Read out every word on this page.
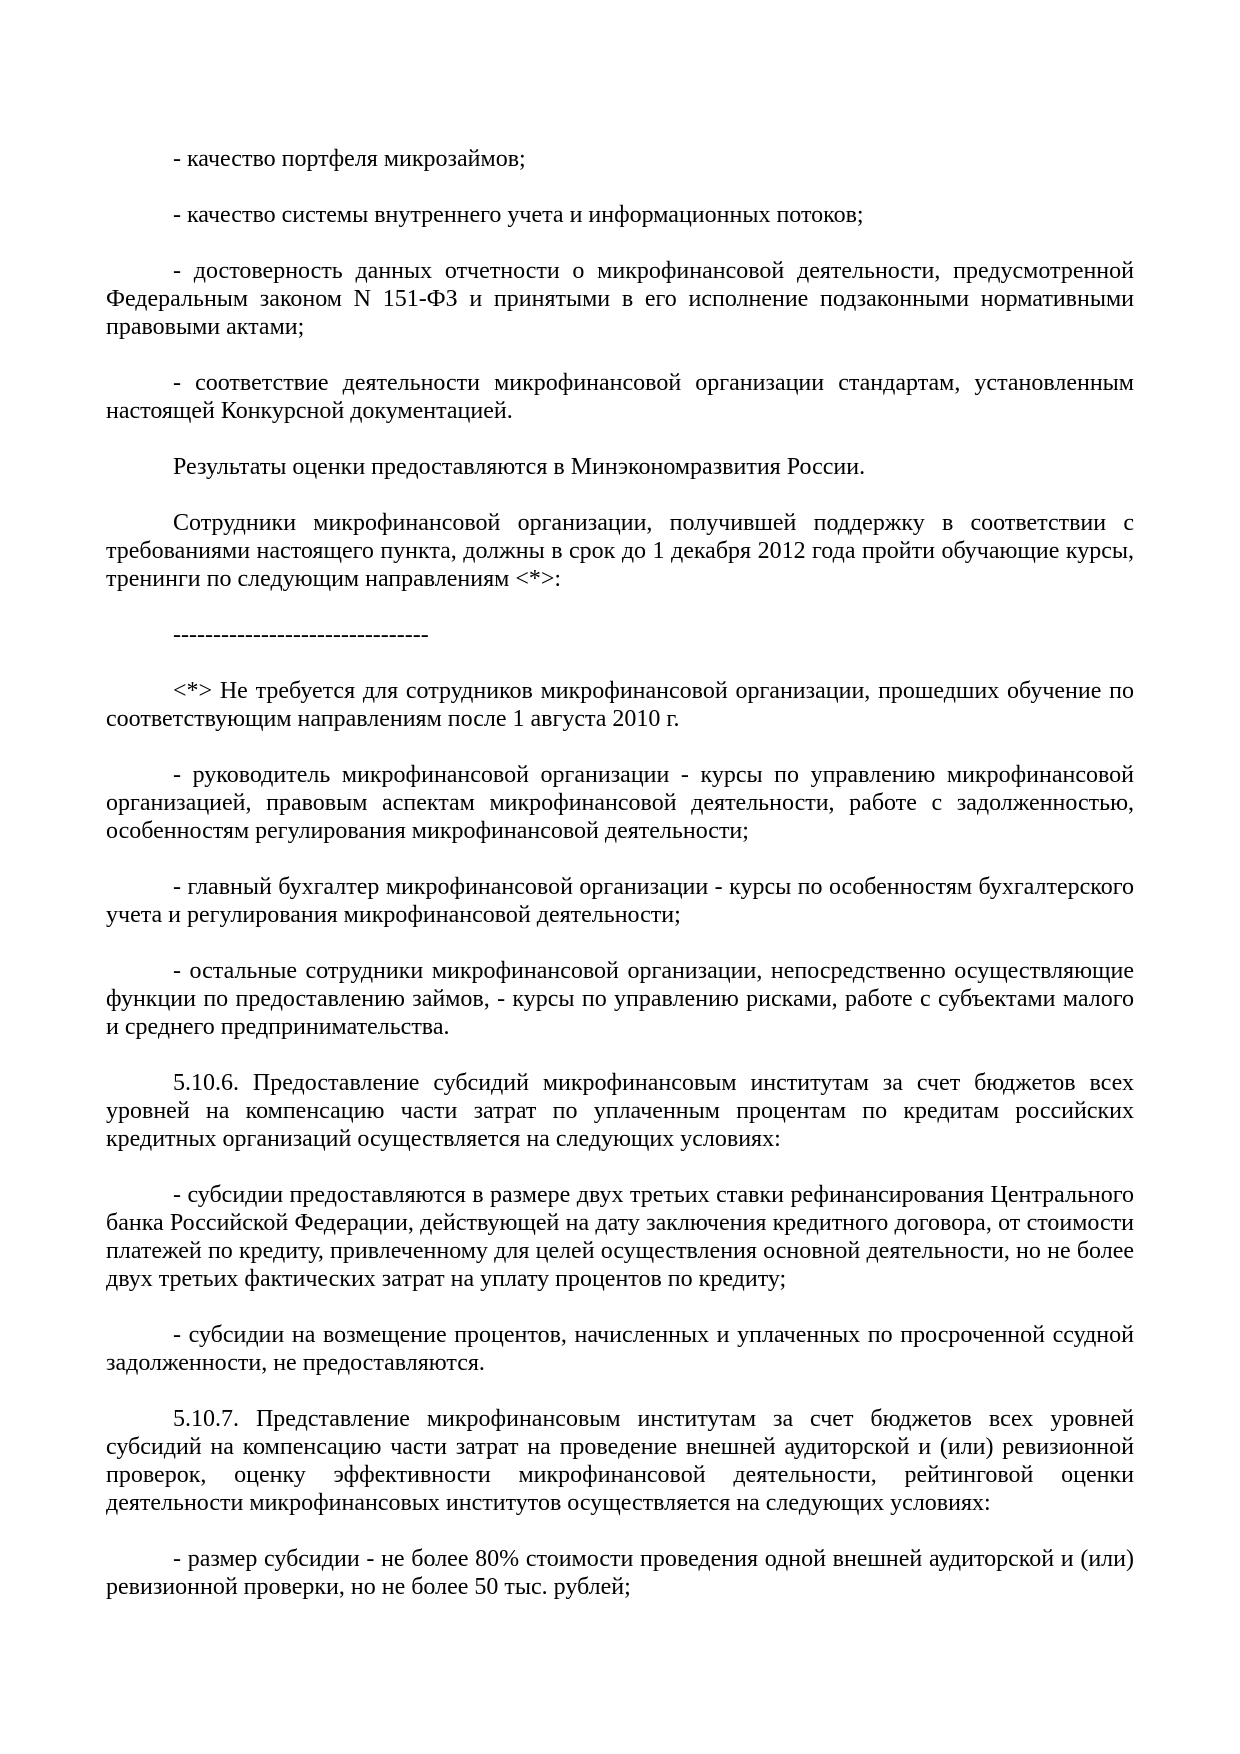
- качество портфеля микрозаймов;

- качество системы внутреннего учета и информационных потоков;

- достоверность данных отчетности о микрофинансовой деятельности, предусмотренной Федеральным законом N 151-ФЗ и принятыми в его исполнение подзаконными нормативными правовыми актами;

- соответствие деятельности микрофинансовой организации стандартам, установленным настоящей Конкурсной документацией.

Результаты оценки предоставляются в Минэкономразвития России.

Сотрудники микрофинансовой организации, получившей поддержку в соответствии с требованиями настоящего пункта, должны в срок до 1 декабря 2012 года пройти обучающие курсы, тренинги по следующим направлениям <*>:

--------------------------------

<*> Не требуется для сотрудников микрофинансовой организации, прошедших обучение по соответствующим направлениям после 1 августа 2010 г.

- руководитель микрофинансовой организации - курсы по управлению микрофинансовой организацией, правовым аспектам микрофинансовой деятельности, работе с задолженностью, особенностям регулирования микрофинансовой деятельности;

- главный бухгалтер микрофинансовой организации - курсы по особенностям бухгалтерского учета и регулирования микрофинансовой деятельности;

- остальные сотрудники микрофинансовой организации, непосредственно осуществляющие функции по предоставлению займов, - курсы по управлению рисками, работе с субъектами малого и среднего предпринимательства.

5.10.6. Предоставление субсидий микрофинансовым институтам за счет бюджетов всех уровней на компенсацию части затрат по уплаченным процентам по кредитам российских кредитных организаций осуществляется на следующих условиях:

- субсидии предоставляются в размере двух третьих ставки рефинансирования Центрального банка Российской Федерации, действующей на дату заключения кредитного договора, от стоимости платежей по кредиту, привлеченному для целей осуществления основной деятельности, но не более двух третьих фактических затрат на уплату процентов по кредиту;

- субсидии на возмещение процентов, начисленных и уплаченных по просроченной ссудной задолженности, не предоставляются.

5.10.7. Представление микрофинансовым институтам за счет бюджетов всех уровней субсидий на компенсацию части затрат на проведение внешней аудиторской и (или) ревизионной проверок, оценку эффективности микрофинансовой деятельности, рейтинговой оценки деятельности микрофинансовых институтов осуществляется на следующих условиях:

- размер субсидии - не более 80% стоимости проведения одной внешней аудиторской и (или) ревизионной проверки, но не более 50 тыс. рублей;
